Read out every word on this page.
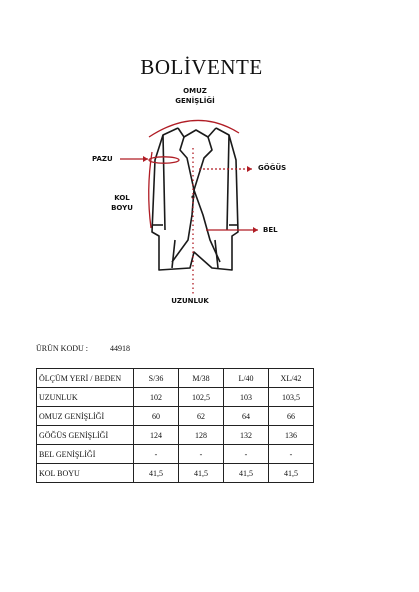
BOLİVENTE
OMUZ
GENİŞLİĞİ
PAZU
GÖĞÜS
KOL
BOYU
BEL
UZUNLUK
ÜRÜN KODU :	44918
ÖLÇÜM YERİ / BEDEN	S/36	M/38	L/40	XL/42
UZUNLUK	102	102,5	103	103,5
OMUZ GENİŞLİĞİ	60	62	64	66
GÖĞÜS GENİŞLİĞİ	124	128	132	136
BEL GENİŞLİĞİ	-	-	-	-
KOL BOYU	41,5	41,5	41,5	41,5
